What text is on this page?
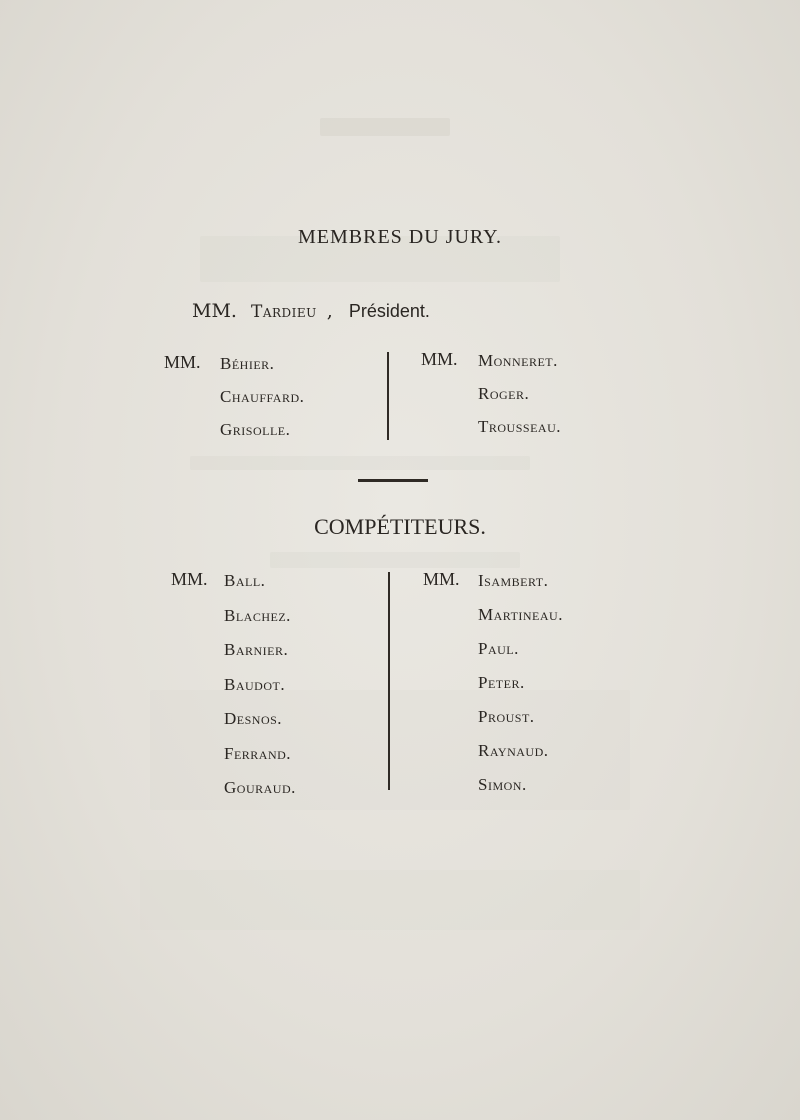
MEMBRES DU JURY.
MM. Tardieu , Président.
MM. Béhier.
Chauffard.
Grisolle.
MM. Monneret.
Roger.
Trousseau.
COMPÉTITEURS.
MM. Ball.
Blachez.
Barnier.
Baudot.
Desnos.
Ferrand.
Gouraud.
MM. Isambert.
Martineau.
Paul.
Peter.
Proust.
Raynaud.
Simon.
